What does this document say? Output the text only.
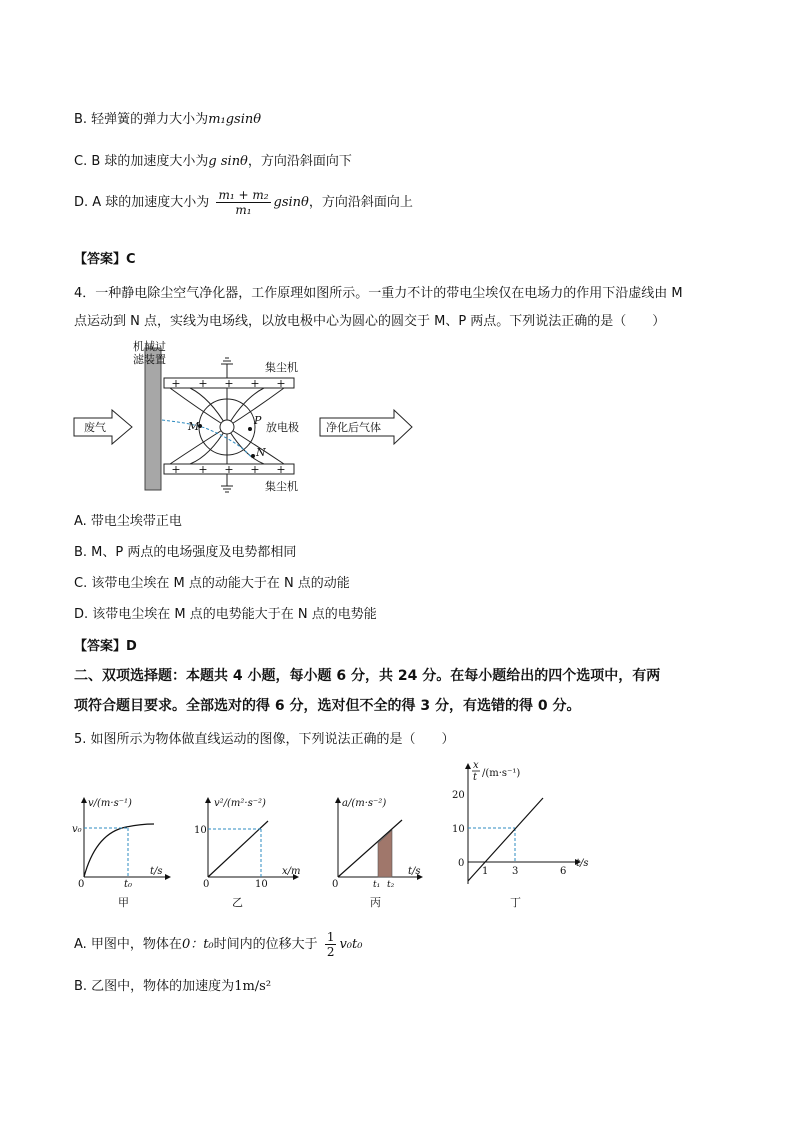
B. 轻弹簧的弹力大小为m₁gsinθ
C. B 球的加速度大小为g sinθ，方向沿斜面向下
D. A 球的加速度大小为 $\frac{\text{m₁ + m₂}}{\text{m₁}}$ gsinθ，方向沿斜面向上
【答案】C
4．一种静电除尘空气净化器，工作原理如图所示。一重力不计的带电尘埃仅在电场力的作用下沿虚线由 M
点运动到 N 点，实线为电场线，以放电极中心为圆心的圆交于 M、P 两点。下列说法正确的是（　　）
机械过
滤装置
+ + + + +
+ + + + +
集尘机
集尘机
M	P
N
放电极
废气	净化后气体
A. 带电尘埃带正电
B. M、P 两点的电场强度及电势都相同
C. 该带电尘埃在 M 点的动能大于在 N 点的动能
D. 该带电尘埃在 M 点的电势能大于在 N 点的电势能
【答案】D
二、双项选择题：本题共 4 小题，每小题 6 分，共 24 分。在每小题给出的四个选项中，有两
项符合题目要求。全部选对的得 6 分，选对但不全的得 3 分，有选错的得 0 分。
5. 如图所示为物体做直线运动的图像，下列说法正确的是（　　）
v/(m·s⁻¹)
v₀
t₀
0
t/s
甲
v²/(m²·s⁻²)
10
10
0
x/m
乙
a/(m·s⁻²)
t₁ t₂
0
t/s
丙
x
t /(m·s⁻¹)
20
10
0
1 3	6
t/s
丁
A. 甲图中，物体在0：t₀时间内的位移大于 $\frac{1}{2} v_0t_0$
B. 乙图中，物体的加速度为1m/s²
